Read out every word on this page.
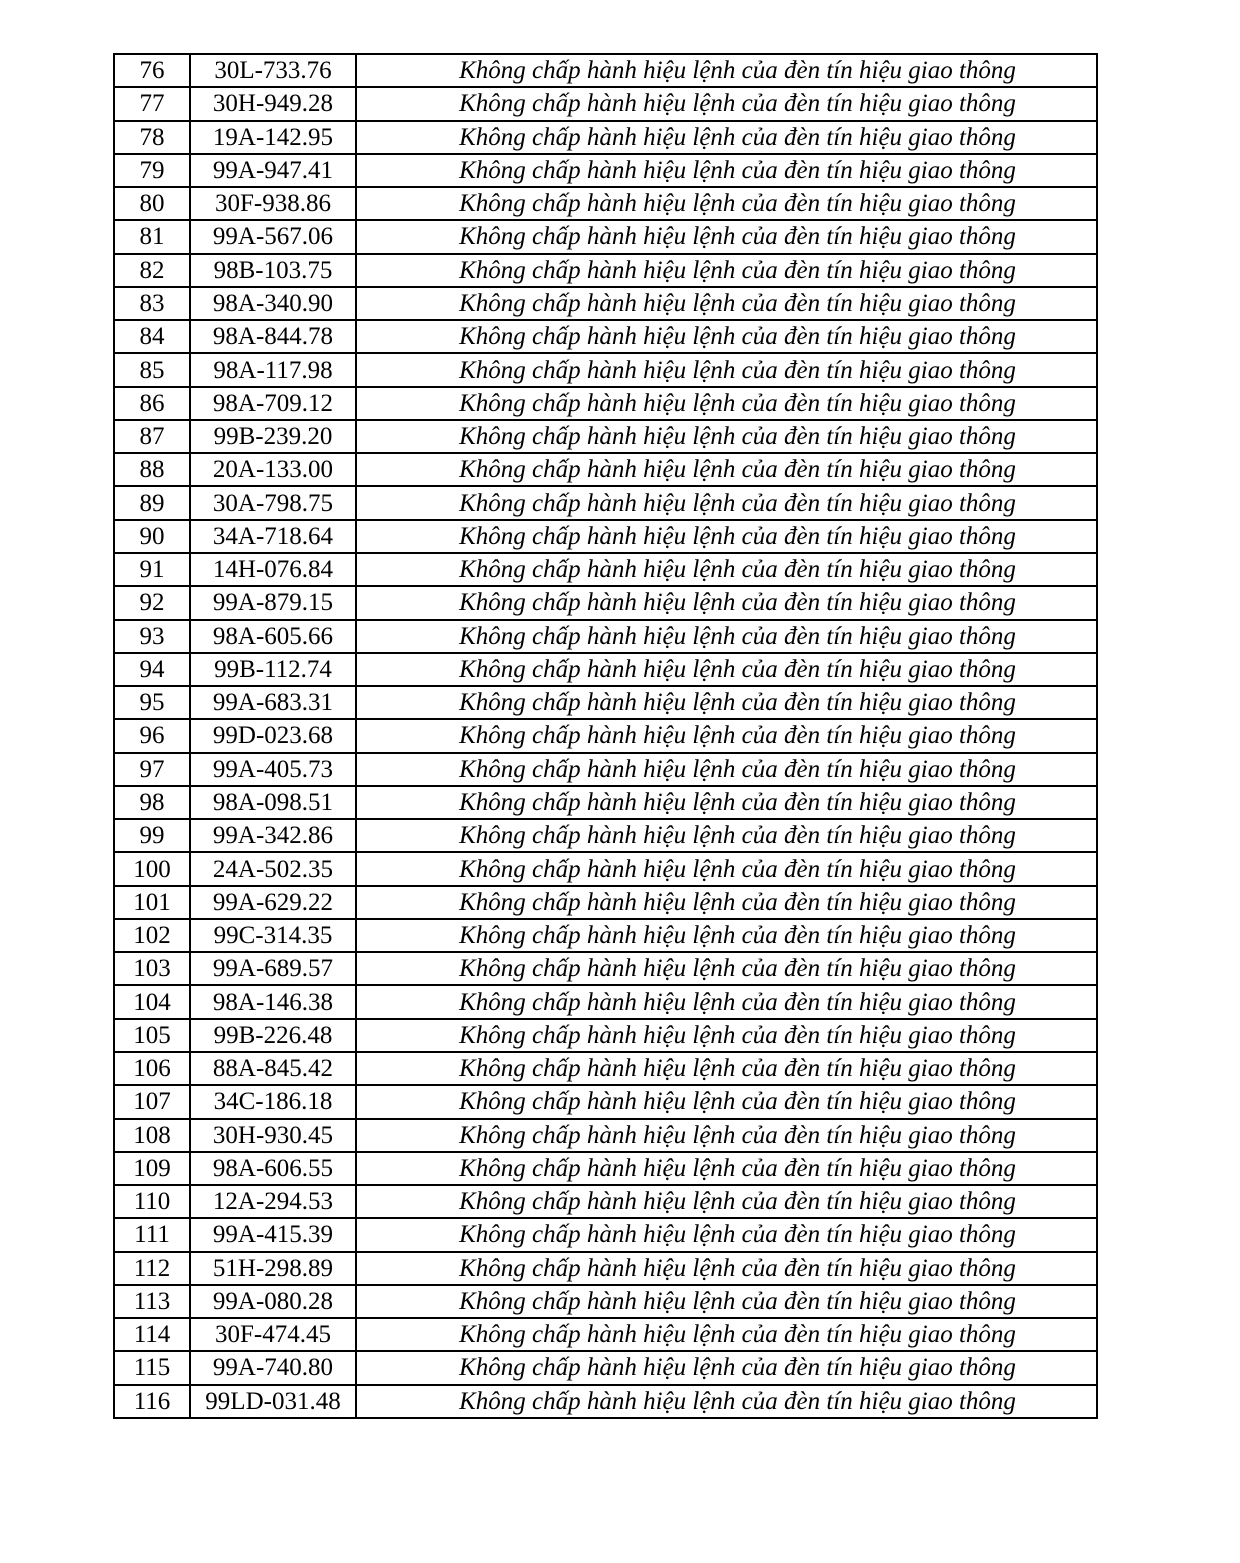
76	30L-733.76	Không chấp hành hiệu lệnh của đèn tín hiệu giao thông
77	30H-949.28	Không chấp hành hiệu lệnh của đèn tín hiệu giao thông
78	19A-142.95	Không chấp hành hiệu lệnh của đèn tín hiệu giao thông
79	99A-947.41	Không chấp hành hiệu lệnh của đèn tín hiệu giao thông
80	30F-938.86	Không chấp hành hiệu lệnh của đèn tín hiệu giao thông
81	99A-567.06	Không chấp hành hiệu lệnh của đèn tín hiệu giao thông
82	98B-103.75	Không chấp hành hiệu lệnh của đèn tín hiệu giao thông
83	98A-340.90	Không chấp hành hiệu lệnh của đèn tín hiệu giao thông
84	98A-844.78	Không chấp hành hiệu lệnh của đèn tín hiệu giao thông
85	98A-117.98	Không chấp hành hiệu lệnh của đèn tín hiệu giao thông
86	98A-709.12	Không chấp hành hiệu lệnh của đèn tín hiệu giao thông
87	99B-239.20	Không chấp hành hiệu lệnh của đèn tín hiệu giao thông
88	20A-133.00	Không chấp hành hiệu lệnh của đèn tín hiệu giao thông
89	30A-798.75	Không chấp hành hiệu lệnh của đèn tín hiệu giao thông
90	34A-718.64	Không chấp hành hiệu lệnh của đèn tín hiệu giao thông
91	14H-076.84	Không chấp hành hiệu lệnh của đèn tín hiệu giao thông
92	99A-879.15	Không chấp hành hiệu lệnh của đèn tín hiệu giao thông
93	98A-605.66	Không chấp hành hiệu lệnh của đèn tín hiệu giao thông
94	99B-112.74	Không chấp hành hiệu lệnh của đèn tín hiệu giao thông
95	99A-683.31	Không chấp hành hiệu lệnh của đèn tín hiệu giao thông
96	99D-023.68	Không chấp hành hiệu lệnh của đèn tín hiệu giao thông
97	99A-405.73	Không chấp hành hiệu lệnh của đèn tín hiệu giao thông
98	98A-098.51	Không chấp hành hiệu lệnh của đèn tín hiệu giao thông
99	99A-342.86	Không chấp hành hiệu lệnh của đèn tín hiệu giao thông
100	24A-502.35	Không chấp hành hiệu lệnh của đèn tín hiệu giao thông
101	99A-629.22	Không chấp hành hiệu lệnh của đèn tín hiệu giao thông
102	99C-314.35	Không chấp hành hiệu lệnh của đèn tín hiệu giao thông
103	99A-689.57	Không chấp hành hiệu lệnh của đèn tín hiệu giao thông
104	98A-146.38	Không chấp hành hiệu lệnh của đèn tín hiệu giao thông
105	99B-226.48	Không chấp hành hiệu lệnh của đèn tín hiệu giao thông
106	88A-845.42	Không chấp hành hiệu lệnh của đèn tín hiệu giao thông
107	34C-186.18	Không chấp hành hiệu lệnh của đèn tín hiệu giao thông
108	30H-930.45	Không chấp hành hiệu lệnh của đèn tín hiệu giao thông
109	98A-606.55	Không chấp hành hiệu lệnh của đèn tín hiệu giao thông
110	12A-294.53	Không chấp hành hiệu lệnh của đèn tín hiệu giao thông
111	99A-415.39	Không chấp hành hiệu lệnh của đèn tín hiệu giao thông
112	51H-298.89	Không chấp hành hiệu lệnh của đèn tín hiệu giao thông
113	99A-080.28	Không chấp hành hiệu lệnh của đèn tín hiệu giao thông
114	30F-474.45	Không chấp hành hiệu lệnh của đèn tín hiệu giao thông
115	99A-740.80	Không chấp hành hiệu lệnh của đèn tín hiệu giao thông
116	99LD-031.48	Không chấp hành hiệu lệnh của đèn tín hiệu giao thông
